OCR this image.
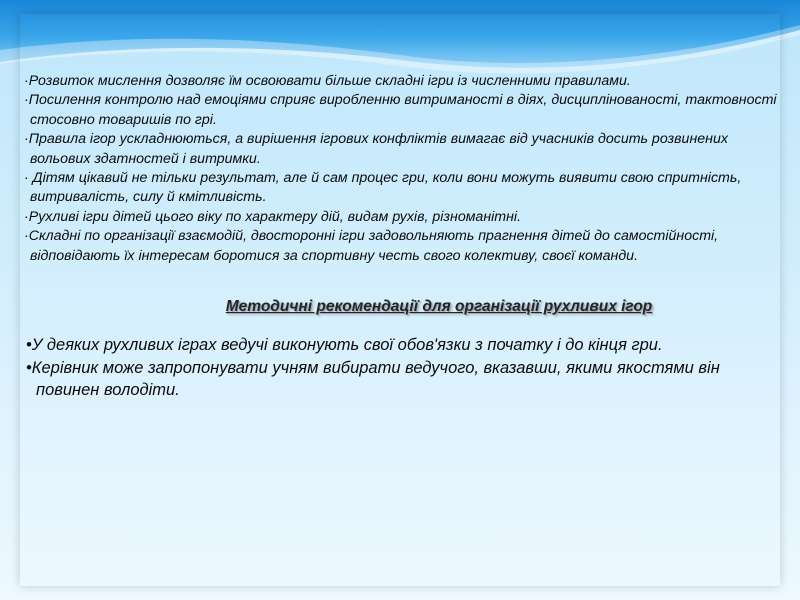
·Розвиток мислення дозволяє їм освоювати більше складні ігри із численними правилами.
·Посилення контролю над емоціями сприяє виробленню витриманості в діях, дисциплінованості, тактовності стосовно товаришів по грі.
·Правила ігор ускладнюються, а вирішення ігрових конфліктів вимагає від учасників досить розвинених вольових здатностей і витримки.
· Дітям цікавий не тільки результат, але й сам процес гри, коли вони можуть виявити свою спритність, витривалість, силу й кмітливість.
·Рухливі ігри дітей цього віку по характеру дій, видам рухів, різноманітні.
·Складні по організації взаємодій, двосторонні ігри задовольняють прагнення дітей до самостійності, відповідають їх інтересам боротися за спортивну честь свого колективу, своєї команди.
Методичні рекомендації для організації рухливих ігор
•У деяких рухливих іграх ведучі виконують свої обов'язки з початку і до кінця гри.
•Керівник може запропонувати учням вибирати ведучого, вказавши, якими якостями він повинен володіти.
